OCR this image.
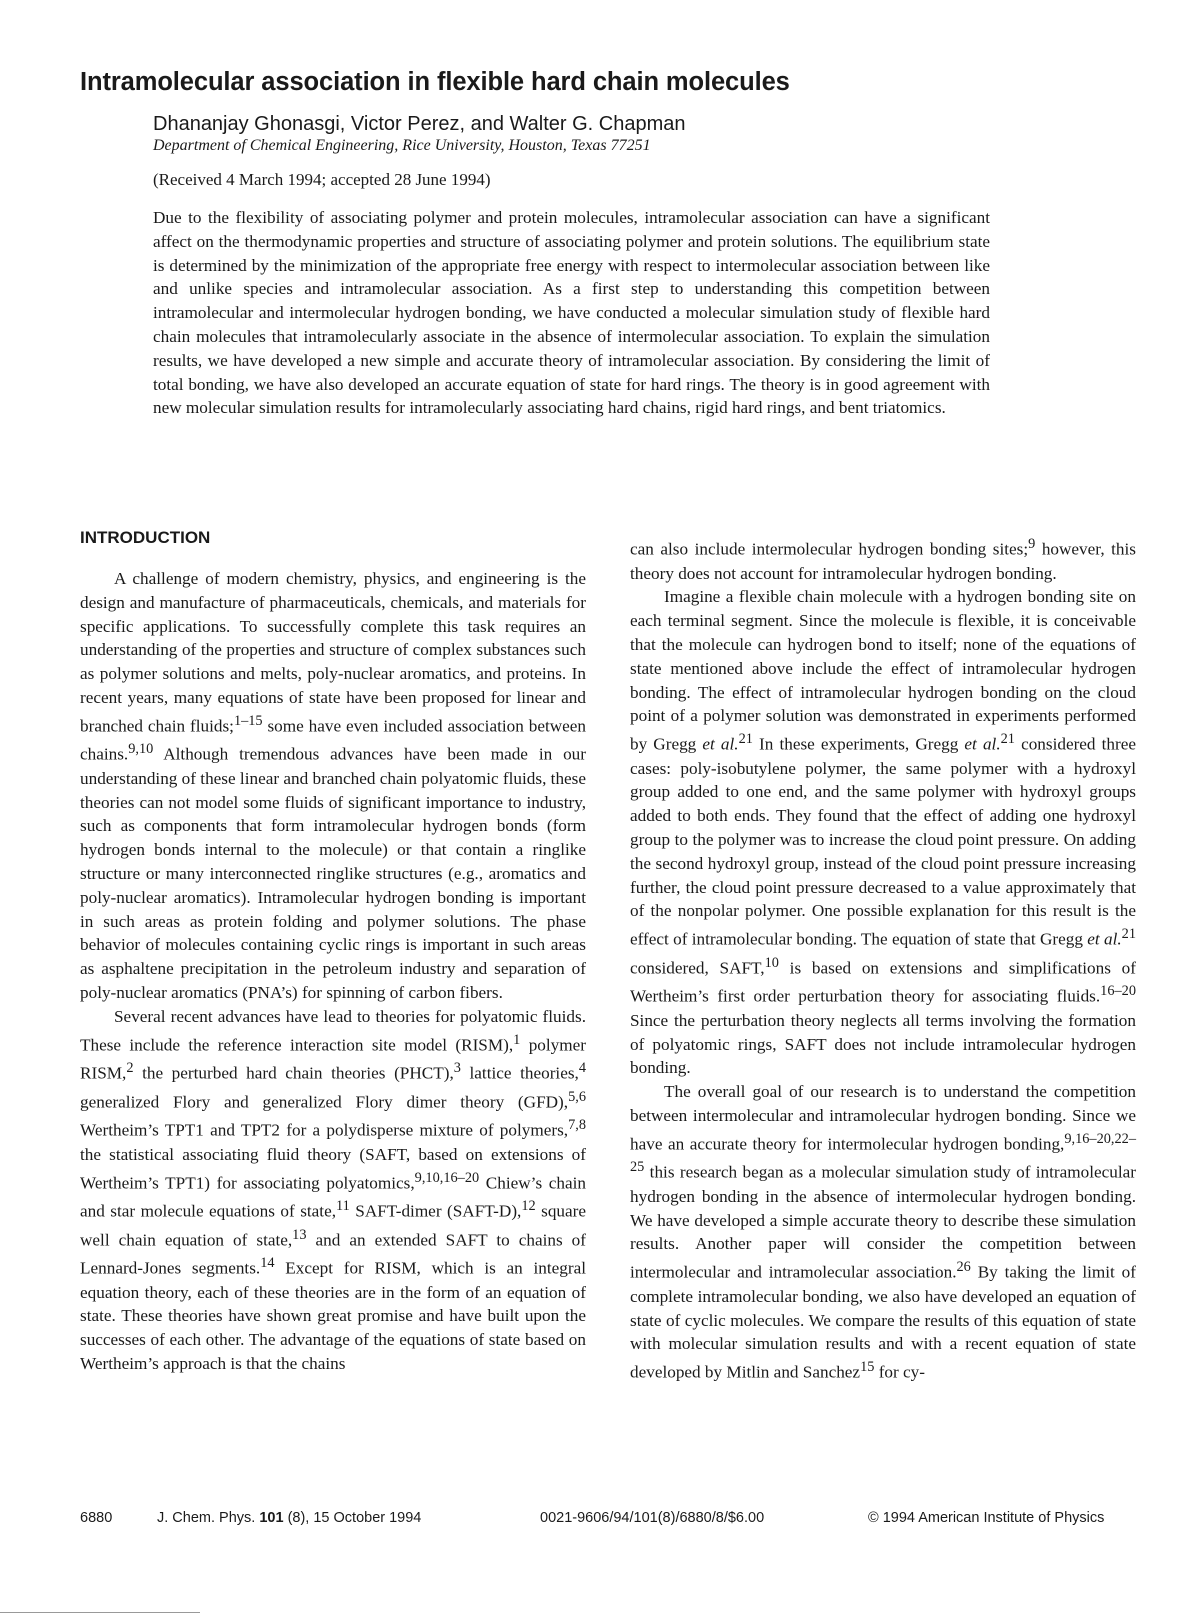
Intramolecular association in flexible hard chain molecules
Dhananjay Ghonasgi, Victor Perez, and Walter G. Chapman
Department of Chemical Engineering, Rice University, Houston, Texas 77251
(Received 4 March 1994; accepted 28 June 1994)

Due to the flexibility of associating polymer and protein molecules, intramolecular association can have a significant affect on the thermodynamic properties and structure of associating polymer and protein solutions. The equilibrium state is determined by the minimization of the appropriate free energy with respect to intermolecular association between like and unlike species and intramolecular association. As a first step to understanding this competition between intramolecular and intermolecular hydrogen bonding, we have conducted a molecular simulation study of flexible hard chain molecules that intramolecularly associate in the absence of intermolecular association. To explain the simulation results, we have developed a new simple and accurate theory of intramolecular association. By considering the limit of total bonding, we have also developed an accurate equation of state for hard rings. The theory is in good agreement with new molecular simulation results for intramolecularly associating hard chains, rigid hard rings, and bent triatomics.

INTRODUCTION

A challenge of modern chemistry, physics, and engineering is the design and manufacture of pharmaceuticals, chemicals, and materials for specific applications. To successfully complete this task requires an understanding of the properties and structure of complex substances such as polymer solutions and melts, poly-nuclear aromatics, and proteins. In recent years, many equations of state have been proposed for linear and branched chain fluids;$^{1-15}$ some have even included association between chains.$^{9,10}$ Although tremendous advances have been made in our understanding of these linear and branched chain polyatomic fluids, these theories can not model some fluids of significant importance to industry, such as components that form intramolecular hydrogen bonds (form hydrogen bonds internal to the molecule) or that contain a ringlike structure or many interconnected ringlike structures (e.g., aromatics and poly-nuclear aromatics). Intramolecular hydrogen bonding is important in such areas as protein folding and polymer solutions. The phase behavior of molecules containing cyclic rings is important in such areas as asphaltene precipitation in the petroleum industry and separation of poly-nuclear aromatics (PNA’s) for spinning of carbon fibers.

Several recent advances have lead to theories for polyatomic fluids. These include the reference interaction site model (RISM),$^1$ polymer RISM,$^2$ the perturbed hard chain theories (PHCT),$^3$ lattice theories,$^4$ generalized Flory and generalized Flory dimer theory (GFD),$^{5,6}$ Wertheim’s TPT1 and TPT2 for a polydisperse mixture of polymers,$^{7,8}$ the statistical associating fluid theory (SAFT, based on extensions of Wertheim’s TPT1) for associating polyatomics,$^{9,10,16-20}$ Chiew’s chain and star molecule equations of state,$^{11}$ SAFT-dimer (SAFT-D),$^{12}$ square well chain equation of state,$^{13}$ and an extended SAFT to chains of Lennard-Jones segments.$^{14}$ Except for RISM, which is an integral equation theory, each of these theories are in the form of an equation of state. These theories have shown great promise and have built upon the successes of each other. The advantage of the equations of state based on Wertheim’s approach is that the chains

can also include intermolecular hydrogen bonding sites;$^9$ however, this theory does not account for intramolecular hydrogen bonding.

Imagine a flexible chain molecule with a hydrogen bonding site on each terminal segment. Since the molecule is flexible, it is conceivable that the molecule can hydrogen bond to itself; none of the equations of state mentioned above include the effect of intramolecular hydrogen bonding. The effect of intramolecular hydrogen bonding on the cloud point of a polymer solution was demonstrated in experiments performed by Gregg et al.$^{21}$ In these experiments, Gregg et al.$^{21}$ considered three cases: poly-isobutylene polymer, the same polymer with a hydroxyl group added to one end, and the same polymer with hydroxyl groups added to both ends. They found that the effect of adding one hydroxyl group to the polymer was to increase the cloud point pressure. On adding the second hydroxyl group, instead of the cloud point pressure increasing further, the cloud point pressure decreased to a value approximately that of the nonpolar polymer. One possible explanation for this result is the effect of intramolecular bonding. The equation of state that Gregg et al.$^{21}$ considered, SAFT,$^{10}$ is based on extensions and simplifications of Wertheim’s first order perturbation theory for associating fluids.$^{16-20}$ Since the perturbation theory neglects all terms involving the formation of polyatomic rings, SAFT does not include intramolecular hydrogen bonding.

The overall goal of our research is to understand the competition between intermolecular and intramolecular hydrogen bonding. Since we have an accurate theory for intermolecular hydrogen bonding,$^{9,16-20,22-25}$ this research began as a molecular simulation study of intramolecular hydrogen bonding in the absence of intermolecular hydrogen bonding. We have developed a simple accurate theory to describe these simulation results. Another paper will consider the competition between intermolecular and intramolecular association.$^{26}$ By taking the limit of complete intramolecular bonding, we also have developed an equation of state of cyclic molecules. We compare the results of this equation of state with molecular simulation results and with a recent equation of state developed by Mitlin and Sanchez$^{15}$ for cy-

6880	J. Chem. Phys. 101 (8), 15 October 1994	0021-9606/94/101(8)/6880/8/$6.00	© 1994 American Institute of Physics
